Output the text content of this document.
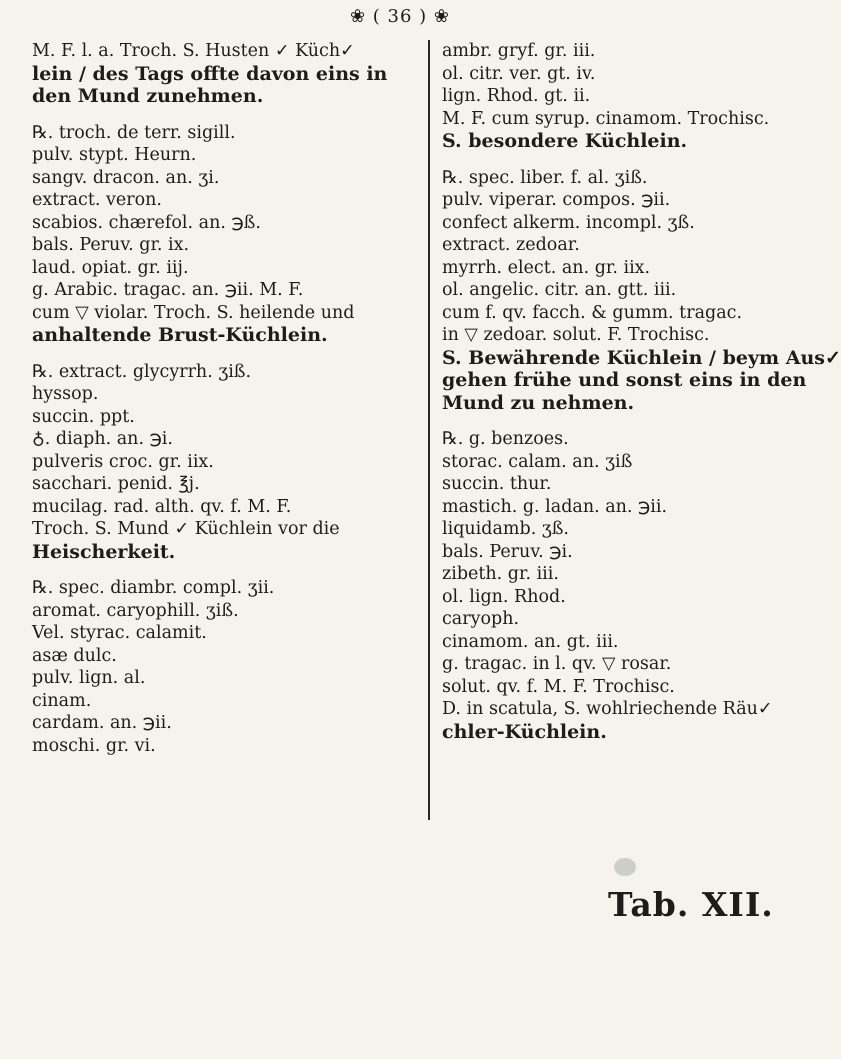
❀ ( 36 ) ❀
M. F. l. a. Troch. S. Husten ✓ Küch✓
lein / des Tags offte davon eins in
den Mund zunehmen.
℞. troch. de terr. sigill.
pulv. stypt. Heurn.
sangv. dracon. an. ʒi.
extract. veron.
scabios. chærefol. an. ℈ß.
bals. Peruv. gr. ix.
laud. opiat. gr. iij.
g. Arabic. tragac. an. ℈ii. M. F.
cum ▽ violar. Troch. S. heilende und
anhaltende Brust-Küchlein.
℞. extract. glycyrrh. ʒiß.
hyssop.
succin. ppt.
♁. diaph. an. ℈i.
pulveris croc. gr. iix.
sacchari. penid. ℥j.
mucilag. rad. alth. qv. f. M. F.
Troch. S. Mund ✓ Küchlein vor die
Heischerkeit.
℞. spec. diambr. compl. ʒii.
aromat. caryophill. ʒiß.
Vel. styrac. calamit.
asæ dulc.
pulv. lign. al.
cinam.
cardam. an. ℈ii.
moschi. gr. vi.
ambr. gryf. gr. iii.
ol. citr. ver. gt. iv.
lign. Rhod. gt. ii.
M. F. cum syrup. cinamom. Trochisc.
S. besondere Küchlein.
℞. spec. liber. f. al. ʒiß.
pulv. viperar. compos. ℈ii.
confect alkerm. incompl. ʒß.
extract. zedoar.
myrrh. elect. an. gr. iix.
ol. angelic. citr. an. gtt. iii.
cum f. qv. facch. & gumm. tragac.
in ▽ zedoar. solut. F. Trochisc.
S. Bewährende Küchlein / beym Aus✓
gehen frühe und sonst eins in den
Mund zu nehmen.
℞. g. benzoes.
storac. calam. an. ʒiß
succin. thur.
mastich. g. ladan. an. ℈ii.
liquidamb. ʒß.
bals. Peruv. ℈i.
zibeth. gr. iii.
ol. lign. Rhod.
caryoph.
cinamom. an. gt. iii.
g. tragac. in l. qv. ▽ rosar.
solut. qv. f. M. F. Trochisc.
D. in scatula, S. wohlriechende Räu✓
chler-Küchlein.
Tab. XII.
